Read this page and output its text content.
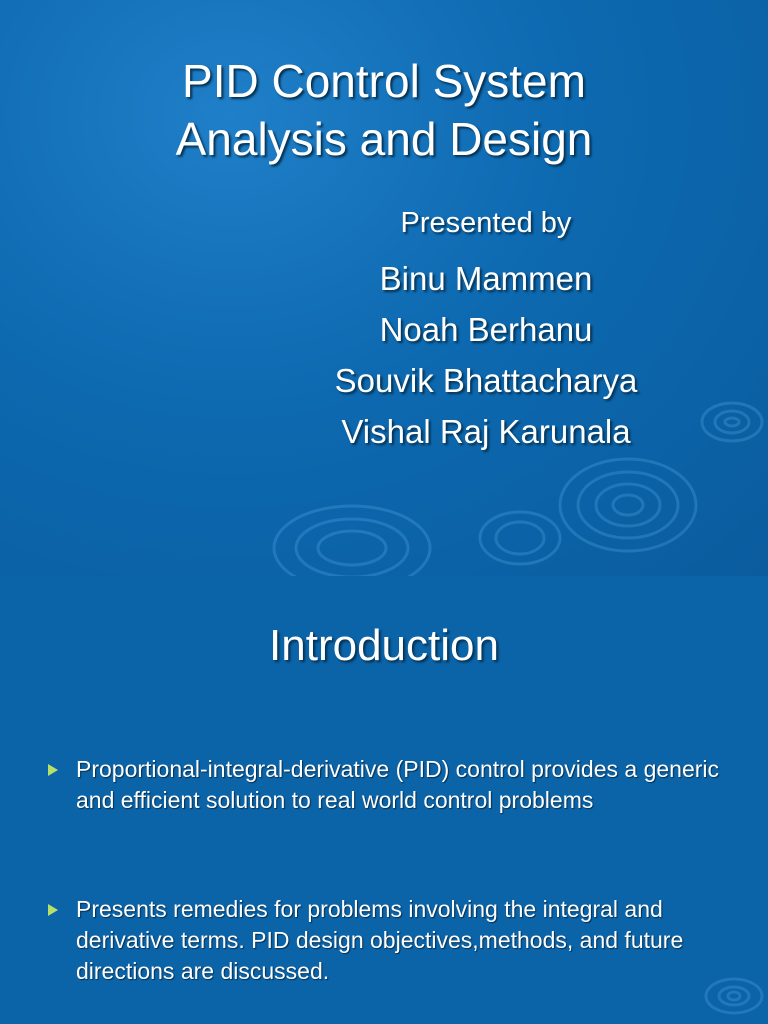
PID Control System
Analysis and Design
Presented by
Binu Mammen
Noah Berhanu
Souvik Bhattacharya
Vishal Raj Karunala
Introduction
Proportional-integral-derivative (PID) control provides a generic and efficient solution to real world control problems
Presents remedies for problems involving the integral and derivative terms. PID design objectives,methods, and future directions are discussed.
